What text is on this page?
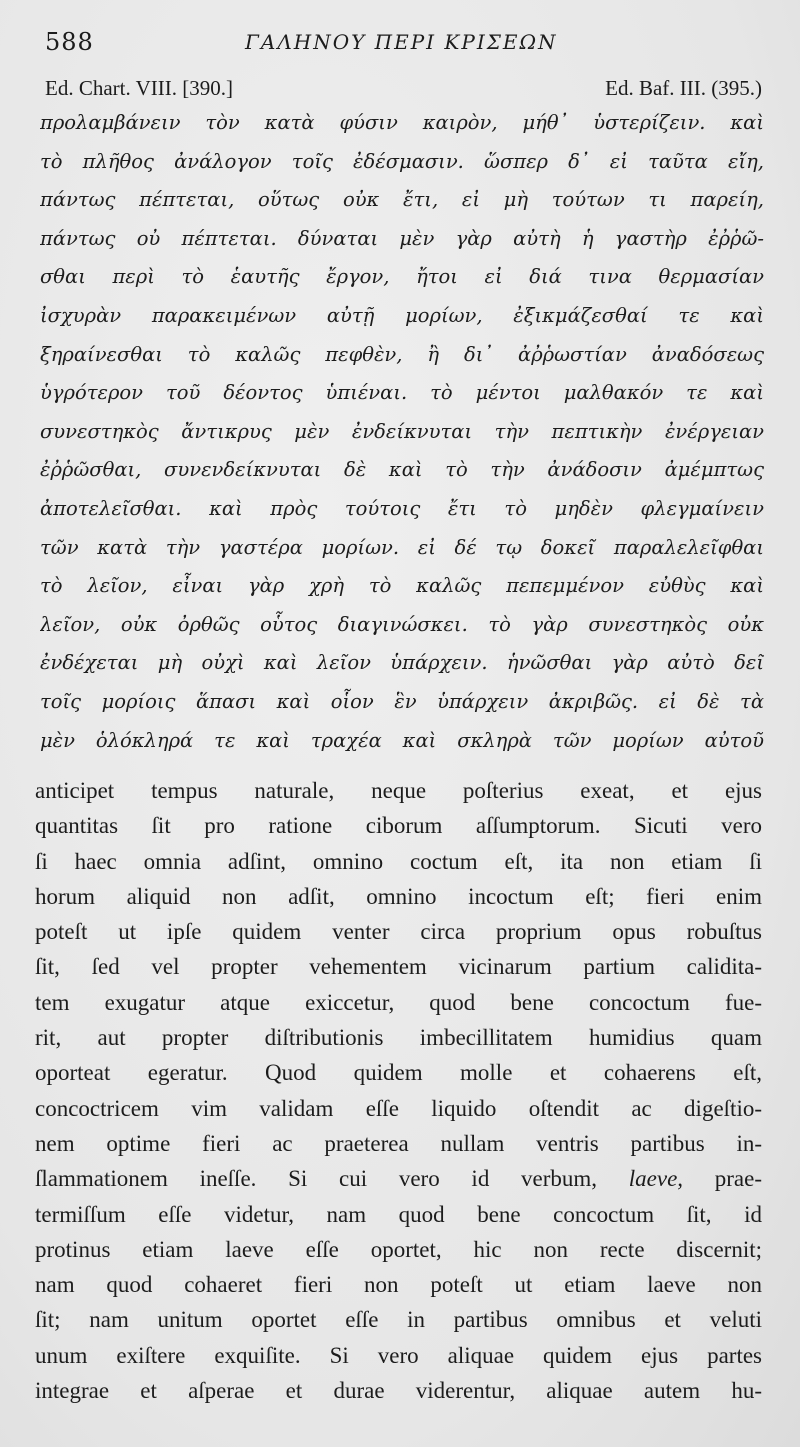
588	ΓΑΛΗΝΟΥ ΠΕΡΙ ΚΡΙΣΕΩΝ
Ed. Chart. VIII. [390.]	Ed. Baf. III. (395.)
προλαμβάνειν τὸν κατὰ φύσιν καιρὸν, μήθ᾽ ὑστερίζειν. καὶ
τὸ πλῆθος ἀνάλογον τοῖς ἐδέσμασιν. ὥσπερ δ᾽ εἰ ταῦτα εἴη,
πάντως πέπτεται, οὕτως οὐκ ἔτι, εἰ μὴ τούτων τι παρείη,
πάντως οὐ πέπτεται. δύναται μὲν γὰρ αὐτὴ ἡ γαστὴρ ἐῤῥῶ-
σθαι περὶ τὸ ἑαυτῆς ἔργον, ἤτοι εἰ διά τινα θερμασίαν
ἰσχυρὰν παρακειμένων αὐτῇ μορίων, ἐξικμάζεσθαί τε καὶ
ξηραίνεσθαι τὸ καλῶς πεφθὲν, ἢ δι᾽ ἀῤῥωστίαν ἀναδόσεως
ὑγρότερον τοῦ δέοντος ὑπιέναι. τὸ μέντοι μαλθακόν τε καὶ
συνεστηκὸς ἄντικρυς μὲν ἐνδείκνυται τὴν πεπτικὴν ἐνέργειαν
ἐῤῥῶσθαι, συνενδείκνυται δὲ καὶ τὸ τὴν ἀνάδοσιν ἀμέμπτως
ἀποτελεῖσθαι. καὶ πρὸς τούτοις ἔτι τὸ μηδὲν φλεγμαίνειν
τῶν κατὰ τὴν γαστέρα μορίων. εἰ δέ τῳ δοκεῖ παραλελεῖφθαι
τὸ λεῖον, εἶναι γὰρ χρὴ τὸ καλῶς πεπεμμένον εὐθὺς καὶ
λεῖον, οὐκ ὀρθῶς οὗτος διαγινώσκει. τὸ γὰρ συνεστηκὸς οὐκ
ἐνδέχεται μὴ οὐχὶ καὶ λεῖον ὑπάρχειν. ἡνῶσθαι γὰρ αὐτὸ δεῖ
τοῖς μορίοις ἅπασι καὶ οἷον ἓν ὑπάρχειν ἀκριβῶς. εἰ δὲ τὰ
μὲν ὁλόκληρά τε καὶ τραχέα καὶ σκληρὰ τῶν μορίων αὐτοῦ
anticipet tempus naturale, neque poſterius exeat, et ejus
quantitas ſit pro ratione ciborum aſſumptorum. Sicuti vero
ſi haec omnia adſint, omnino coctum eſt, ita non etiam ſi
horum aliquid non adſit, omnino incoctum eſt; fieri enim
poteſt ut ipſe quidem venter circa proprium opus robuſtus
ſit, ſed vel propter vehementem vicinarum partium calidita-
tem exugatur atque exiccetur, quod bene concoctum fue-
rit, aut propter diſtributionis imbecillitatem humidius quam
oporteat egeratur. Quod quidem molle et cohaerens eſt,
concoctricem vim validam eſſe liquido oſtendit ac digeſtio-
nem optime fieri ac praeterea nullam ventris partibus in-
ſlammationem ineſſe. Si cui vero id verbum, laeve, prae-
termiſſum eſſe videtur, nam quod bene concoctum ſit, id
protinus etiam laeve eſſe oportet, hic non recte discernit;
nam quod cohaeret fieri non poteſt ut etiam laeve non
ſit; nam unitum oportet eſſe in partibus omnibus et veluti
unum exiſtere exquiſite. Si vero aliquae quidem ejus partes
integrae et aſperae et durae viderentur, aliquae autem hu-
